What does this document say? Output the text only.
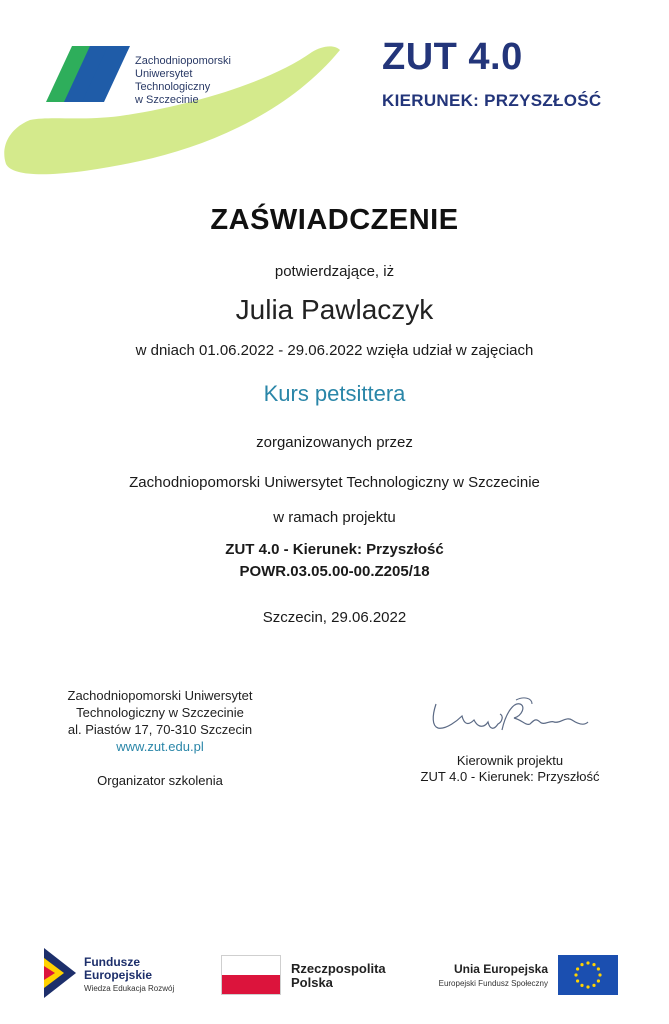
Zachodniopomorski
Uniwersytet
Technologiczny
w Szczecinie
ZUT 4.0
KIERUNEK: PRZYSZŁOŚĆ
ZAŚWIADCZENIE
potwierdzające, iż
Julia Pawlaczyk
w dniach 01.06.2022 - 29.06.2022 wzięła udział w zajęciach
Kurs petsittera
zorganizowanych przez
Zachodniopomorski Uniwersytet Technologiczny w Szczecinie
w ramach projektu
ZUT 4.0 - Kierunek: Przyszłość
POWR.03.05.00-00.Z205/18
Szczecin, 29.06.2022
Zachodniopomorski Uniwersytet
Technologiczny w Szczecinie
al. Piastów 17, 70-310 Szczecin
www.zut.edu.pl
Organizator szkolenia
Kierownik projektu
ZUT 4.0 - Kierunek: Przyszłość
Fundusze
Europejskie
Wiedza Edukacja Rozwój
Rzeczpospolita
Polska
Unia Europejska
Europejski Fundusz Społeczny
